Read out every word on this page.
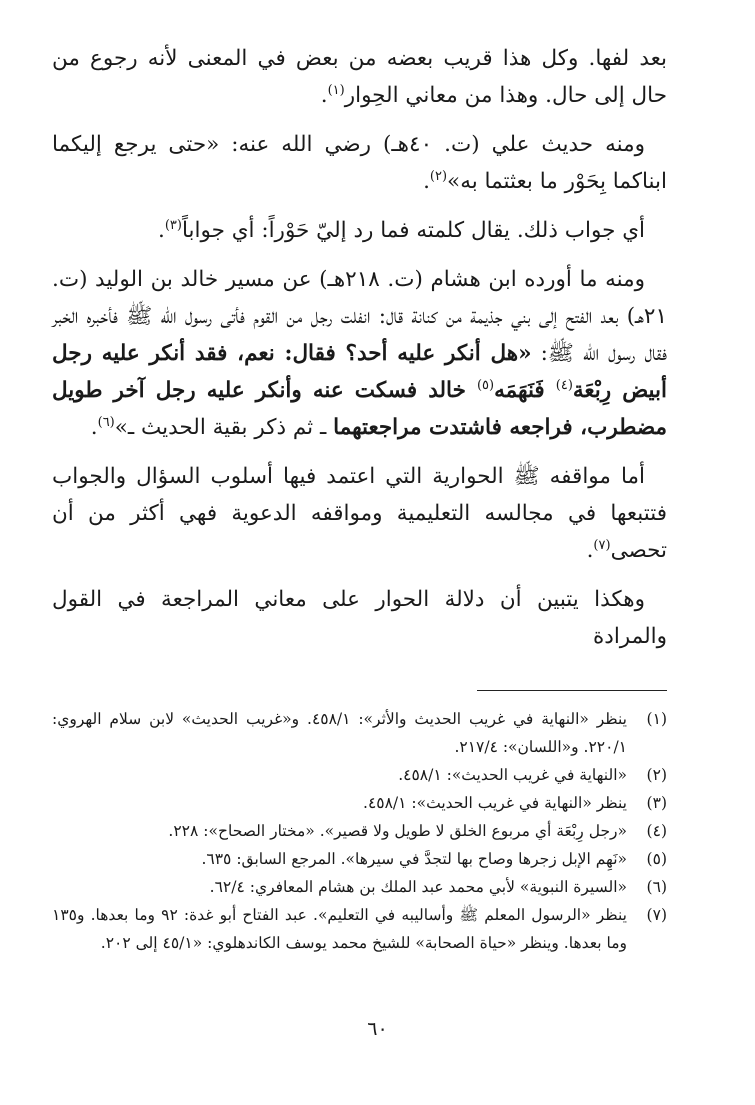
بعد لفها. وكل هذا قريب بعضه من بعض في المعنى لأنه رجوع من حال إلى حال. وهذا من معاني الحِوار$^{(١)}$.

ومنه حديث علي (ت. ٤٠هـ) رضي الله عنه: «حتى يرجع إليكما ابناكما بِحَوْر ما بعثتما به»$^{(٢)}$.

أي جواب ذلك. يقال كلمته فما رد إليّ حَوْراً: أي جواباً$^{(٣)}$.

ومنه ما أورده ابن هشام (ت. ٢١٨هـ) عن مسير خالد بن الوليد (ت. ٢١هـ) بعد الفتح إلى بني جذيمة من كنانة قال: انفلت رجل من القوم فأتى رسول الله ﷺ فأخبره الخبر فقال رسول الله ﷺ: «هل أنكر عليه أحد؟ فقال: نعم، فقد أنكر عليه رجل أبيض رِبْعَة$^{(٤)}$ فَنَهَمَه$^{(٥)}$ خالد فسكت عنه وأنكر عليه رجل آخر طويل مضطرب، فراجعه فاشتدت مراجعتهما ـ ثم ذكر بقية الحديث ـ»$^{(٦)}$.

أما مواقفه ﷺ الحوارية التي اعتمد فيها أسلوب السؤال والجواب فتتبعها في مجالسه التعليمية ومواقفه الدعوية فهي أكثر من أن تحصى$^{(٧)}$.

وهكذا يتبين أن دلالة الحوار على معاني المراجعة في القول والمرادة

(١)
ينظر «النهاية في غريب الحديث والأثر»: ٤٥٨/١. و«غريب الحديث» لابن سلام الهروي: ٢٢٠/١. و«اللسان»: ٢١٧/٤.
(٢)
«النهاية في غريب الحديث»: ٤٥٨/١.
(٣)
ينظر «النهاية في غريب الحديث»: ٤٥٨/١.
(٤)
«رجل رِبْعَة أي مربوع الخلق لا طويل ولا قصير». «مختار الصحاح»: ٢٢٨.
(٥)
«نَهِم الإبل زجرها وصاح بها لتجدَّ في سيرها». المرجع السابق: ٦٣٥.
(٦)
«السيرة النبوية» لأبي محمد عبد الملك بن هشام المعافري: ٦٢/٤.
(٧)
ينظر «الرسول المعلم ﷺ وأساليبه في التعليم». عبد الفتاح أبو غدة: ٩٢ وما بعدها. و١٣٥ وما بعدها. وينظر «حياة الصحابة» للشيخ محمد يوسف الكاندهلوي: «٤٥/١ إلى ٢٠٢.
٦٠
